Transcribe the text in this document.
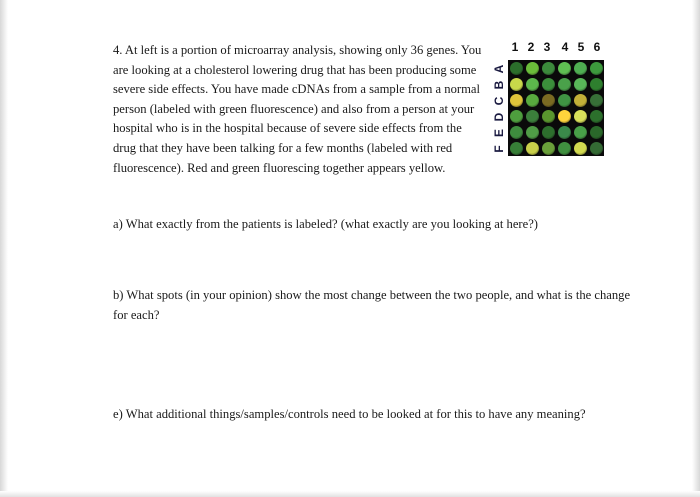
4. At left is a portion of microarray analysis, showing only 36 genes. You are looking at a cholesterol lowering drug that has been producing some severe side effects. You have made cDNAs from a sample from a normal person (labeled with green fluorescence) and also from a person at your hospital who is in the hospital because of severe side effects from the drug that they have been talking for a few months (labeled with red fluorescence). Red and green fluorescing together appears yellow.

1 2 3 4 5 6
A
B
C
D
E
F

a) What exactly from the patients is labeled? (what exactly are you looking at here?)

b) What spots (in your opinion) show the most change between the two people, and what is the change for each?

e) What additional things/samples/controls need to be looked at for this to have any meaning?
